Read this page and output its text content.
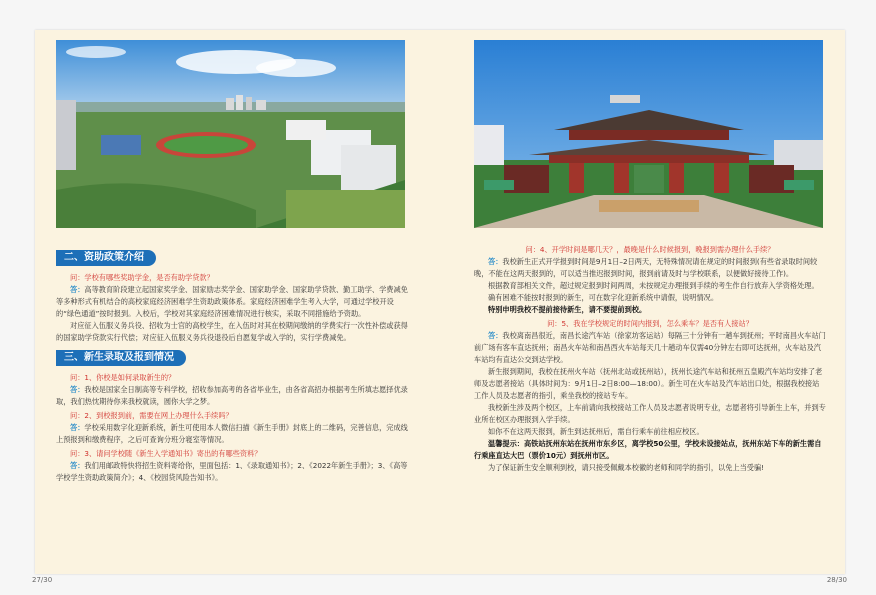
二、资助政策介绍
问：学校有哪些奖助学金，是否有助学贷款？
答：高等教育阶段建立起国家奖学金、国家励志奖学金、国家助学金、国家助学贷款、勤工助学、学费减免等多种形式有机结合的高校家庭经济困难学生资助政策体系。家庭经济困难学生考入大学，可通过学校开设的“绿色通道”按时报到。入校后，学校对其家庭经济困难情况进行核实，采取不同措施给予资助。
对应征入伍服义务兵役、招收为士官的高校学生，在入伍时对其在校期间缴纳的学费实行一次性补偿或获得的国家助学贷款实行代偿；对应征入伍服义务兵役退役后自愿复学或入学的，实行学费减免。
三、新生录取及报到情况
问：1、你校是如何录取新生的？
答：我校是国家全日制高等专科学校，招收参加高考的各省毕业生，由各省高招办根据考生所填志愿择优录取，我们热忱期待你来我校就读，圆你大学之梦。
问：2、到校报到前，需要在网上办理什么手续吗？
答：学校采用数字化迎新系统，新生可使用本人微信扫描《新生手册》封底上的二维码，完善信息，完成线上预报到和缴费程序，之后可查询分班分寝室等情况。
问：3、请问学校随《新生入学通知书》寄出的有哪些资料？
答：我们用邮政特快将招生资料寄给你，里面包括：1、《录取通知书》；2、《2022年新生手册》；3、《高等学校学生资助政策简介》；4、《校园贷风险告知书》。
27/30
问：4、开学时间是哪几天？，最晚是什么时候报到，晚报到需办理什么手续？
答：我校新生正式开学报到时间是9月1日–2日两天，无特殊情况请在规定的时间报到(有些省录取时间较晚，不能在这两天报到的，可以适当推迟报到时间，报到前请及时与学校联系，以便做好接待工作)。
根据教育部相关文件，超过规定报到时间两周，未按规定办理报到手续的考生作自行放弃入学资格处理。
确有困难不能按时报到的新生，可在数字化迎新系统中请假，说明情况。
特别申明我校不提前接待新生，请不要提前到校。
问：5、我在学校规定的时间内报到，怎么乘车？是否有人接站？
答：我校离南昌很近，南昌长途汽车站（徐家坊客运站）每隔三十分钟有一趟车到抚州；平时南昌火车站门前广场有客车直达抚州；南昌火车站和南昌西火车站每天几十趟动车仅需40分钟左右即可达抚州，火车站及汽车站均有直达公交到达学校。
新生报到期间，我校在抚州火车站（抚州北站或抚州站），抚州长途汽车站和抚州五皇殿汽车站均安排了老师及志愿者接站（具体时间为：9月1日–2日8:00—18:00）。新生可在火车站及汽车站出口处，根据我校接站工作人员及志愿者的指引，乘坐我校的接站专车。
我校新生涉及两个校区，上车前请向我校接站工作人员及志愿者说明专业，志愿者将引导新生上车，并到专业所在校区办理报到入学手续。
如你不在这两天报到，新生到达抚州后，需自行乘车前往相应校区。
温馨提示：高铁站抚州东站在抚州市东乡区，离学校50公里，学校未设接站点，抚州东站下车的新生需自行乘座直达大巴（票价10元）到抚州市区。
为了保证新生安全顺利到校，请只接受佩戴本校徽的老师和同学的指引，以免上当受骗!
28/30
